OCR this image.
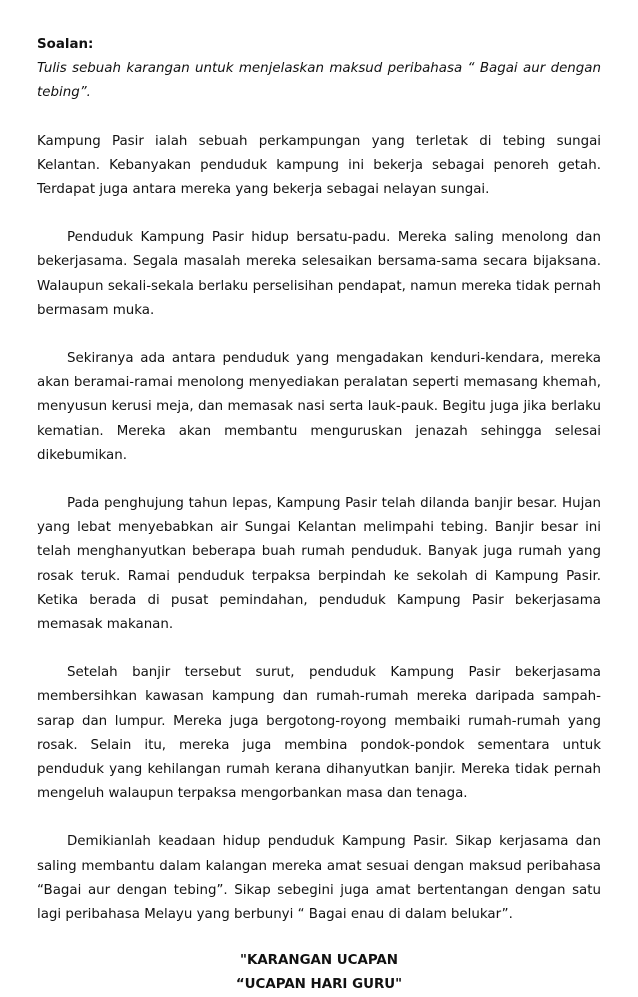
Soalan:

Tulis sebuah karangan untuk menjelaskan maksud peribahasa “ Bagai aur dengan tebing”.

Kampung Pasir ialah sebuah perkampungan yang terletak di tebing sungai Kelantan. Kebanyakan penduduk kampung ini bekerja sebagai penoreh getah. Terdapat juga antara mereka yang bekerja sebagai nelayan sungai.

Penduduk Kampung Pasir hidup bersatu-padu. Mereka saling menolong dan bekerjasama. Segala masalah mereka selesaikan bersama-sama secara bijaksana. Walaupun sekali-sekala berlaku perselisihan pendapat, namun mereka tidak pernah bermasam muka.

Sekiranya ada antara penduduk yang mengadakan kenduri-kendara, mereka akan beramai-ramai menolong menyediakan peralatan seperti memasang khemah, menyusun kerusi meja, dan memasak nasi serta lauk-pauk. Begitu juga jika berlaku kematian. Mereka akan membantu menguruskan jenazah sehingga selesai dikebumikan.

Pada penghujung tahun lepas, Kampung Pasir telah dilanda banjir besar. Hujan yang lebat menyebabkan air Sungai Kelantan melimpahi tebing. Banjir besar ini telah menghanyutkan beberapa buah rumah penduduk. Banyak juga rumah yang rosak teruk. Ramai penduduk terpaksa berpindah ke sekolah di Kampung Pasir. Ketika berada di pusat pemindahan, penduduk Kampung Pasir bekerjasama memasak makanan.

Setelah banjir tersebut surut, penduduk Kampung Pasir bekerjasama membersihkan kawasan kampung dan rumah-rumah mereka daripada sampah-sarap dan lumpur. Mereka juga bergotong-royong membaiki rumah-rumah yang rosak. Selain itu, mereka juga membina pondok-pondok sementara untuk penduduk yang kehilangan rumah kerana dihanyutkan banjir. Mereka tidak pernah mengeluh walaupun terpaksa mengorbankan masa dan tenaga.

Demikianlah keadaan hidup penduduk Kampung Pasir. Sikap kerjasama dan saling membantu dalam kalangan mereka amat sesuai dengan maksud peribahasa “Bagai aur dengan tebing”. Sikap sebegini juga amat bertentangan dengan satu lagi peribahasa Melayu yang berbunyi “ Bagai enau di dalam belukar”.

"KARANGAN UCAPAN
“UCAPAN HARI GURU"
